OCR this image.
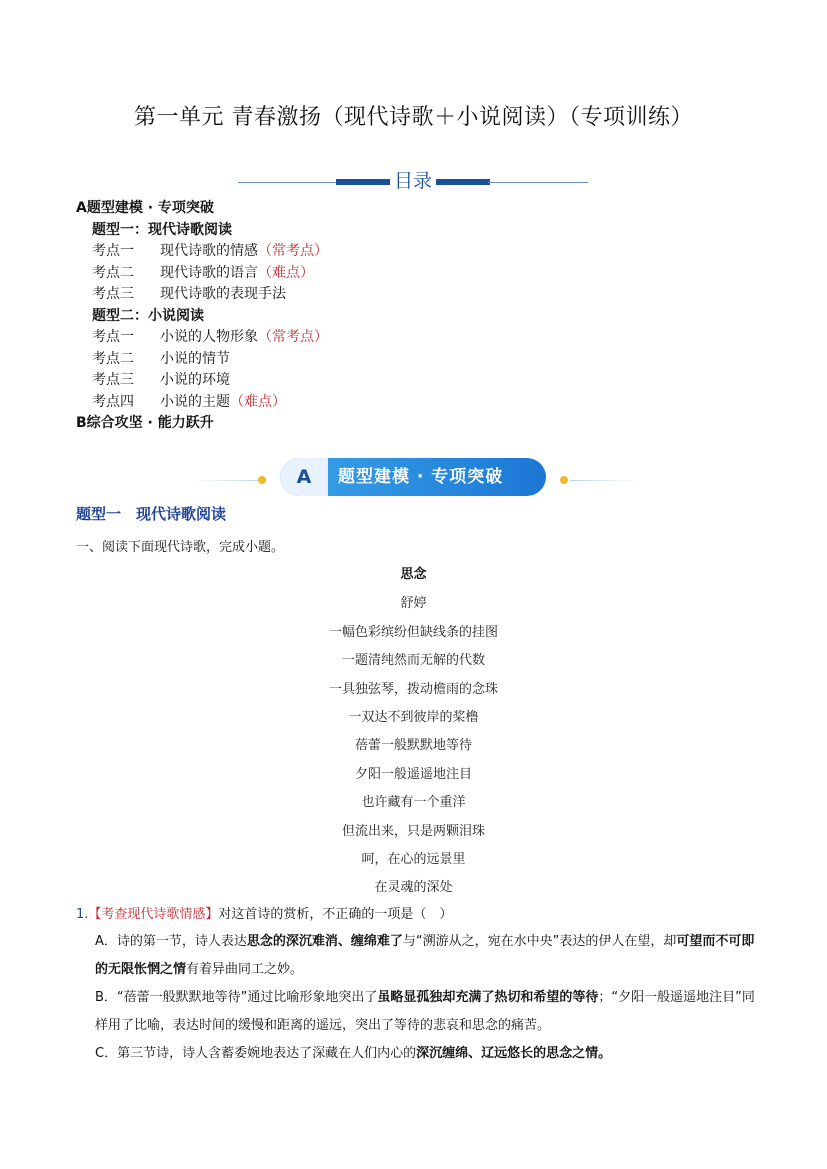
第一单元 青春激扬（现代诗歌＋小说阅读）（专项训练）
目录
A题型建模 · 专项突破
题型一：现代诗歌阅读
考点一 现代诗歌的情感（常考点）
考点二 现代诗歌的语言（难点）
考点三 现代诗歌的表现手法
题型二：小说阅读
考点一 小说的人物形象（常考点）
考点二 小说的情节
考点三 小说的环境
考点四 小说的主题（难点）
B综合攻坚 · 能力跃升
A	题型建模 · 专项突破
题型一　现代诗歌阅读
一、阅读下面现代诗歌，完成小题。
思念
舒婷
一幅色彩缤纷但缺线条的挂图
一题清纯然而无解的代数
一具独弦琴，拨动檐雨的念珠
一双达不到彼岸的桨橹
蓓蕾一般默默地等待
夕阳一般遥遥地注目
也许藏有一个重洋
但流出来，只是两颗泪珠
呵，在心的远景里
在灵魂的深处
1.【考查现代诗歌情感】对这首诗的赏析，不正确的一项是（　）
A．诗的第一节，诗人表达思念的深沉难消、缠绵难了与“溯游从之，宛在水中央”表达的伊人在望，却可望而不可即的无限怅惘之情有着异曲同工之妙。
B．“蓓蕾一般默默地等待”通过比喻形象地突出了虽略显孤独却充满了热切和希望的等待；“夕阳一般遥遥地注目”同样用了比喻，表达时间的缓慢和距离的遥远，突出了等待的悲哀和思念的痛苦。
C．第三节诗，诗人含蓄委婉地表达了深藏在人们内心的深沉缠绵、辽远悠长的思念之情。
